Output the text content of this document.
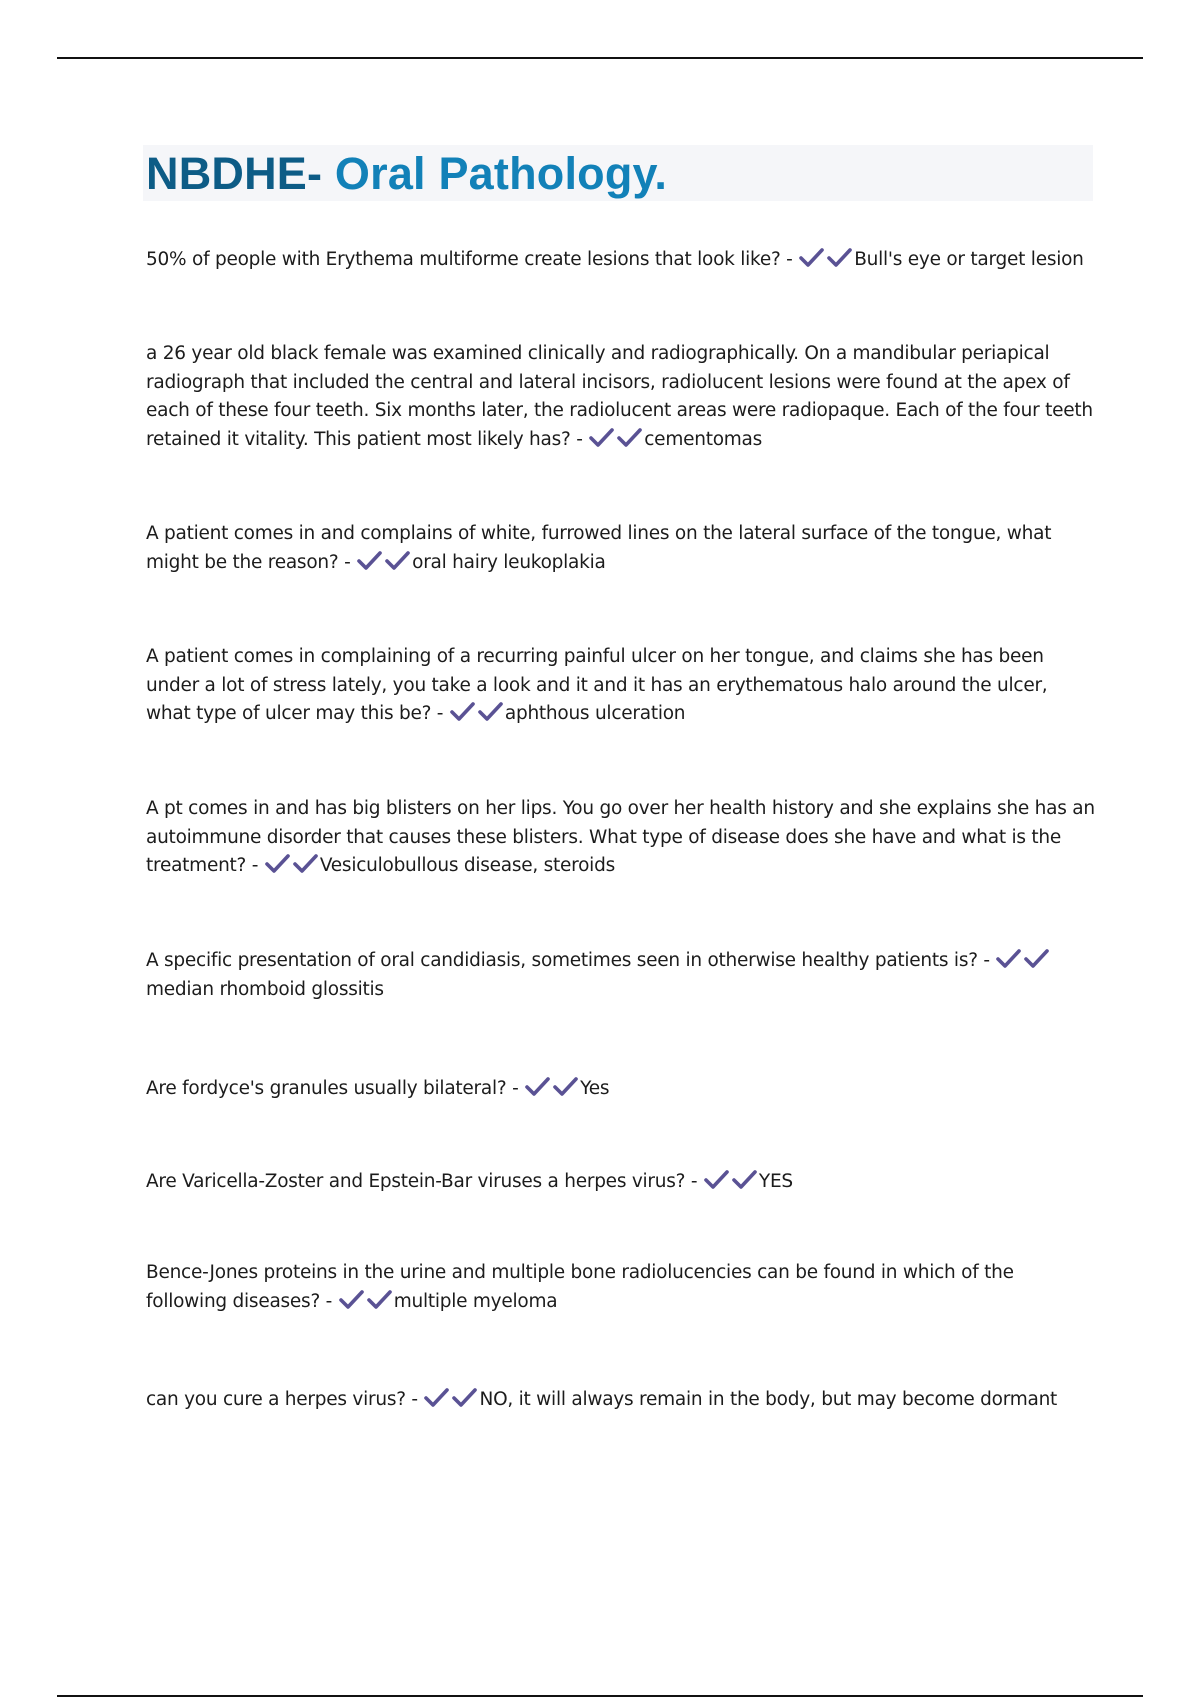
NBDHE- Oral Pathology.

50% of people with Erythema multiforme create lesions that look like? -	Bull's eye or target lesion

a 26 year old black female was examined clinically and radiographically. On a mandibular periapical radiograph that included the central and lateral incisors, radiolucent lesions were found at the apex of each of these four teeth. Six months later, the radiolucent areas were radiopaque. Each of the four teeth retained it vitality. This patient most likely has? -	cementomas

A patient comes in and complains of white, furrowed lines on the lateral surface of the tongue, what might be the reason? -	oral hairy leukoplakia

A patient comes in complaining of a recurring painful ulcer on her tongue, and claims she has been under a lot of stress lately, you take a look and it and it has an erythematous halo around the ulcer, what type of ulcer may this be? -	aphthous ulceration

A pt comes in and has big blisters on her lips. You go over her health history and she explains she has an autoimmune disorder that causes these blisters. What type of disease does she have and what is the treatment? -	Vesiculobullous disease, steroids

A specific presentation of oral candidiasis, sometimes seen in otherwise healthy patients is? -
median rhomboid glossitis

Are fordyce's granules usually bilateral? -	Yes

Are Varicella-Zoster and Epstein-Bar viruses a herpes virus? -	YES

Bence-Jones proteins in the urine and multiple bone radiolucencies can be found in which of the following diseases? -	multiple myeloma

can you cure a herpes virus? -	NO, it will always remain in the body, but may become dormant
